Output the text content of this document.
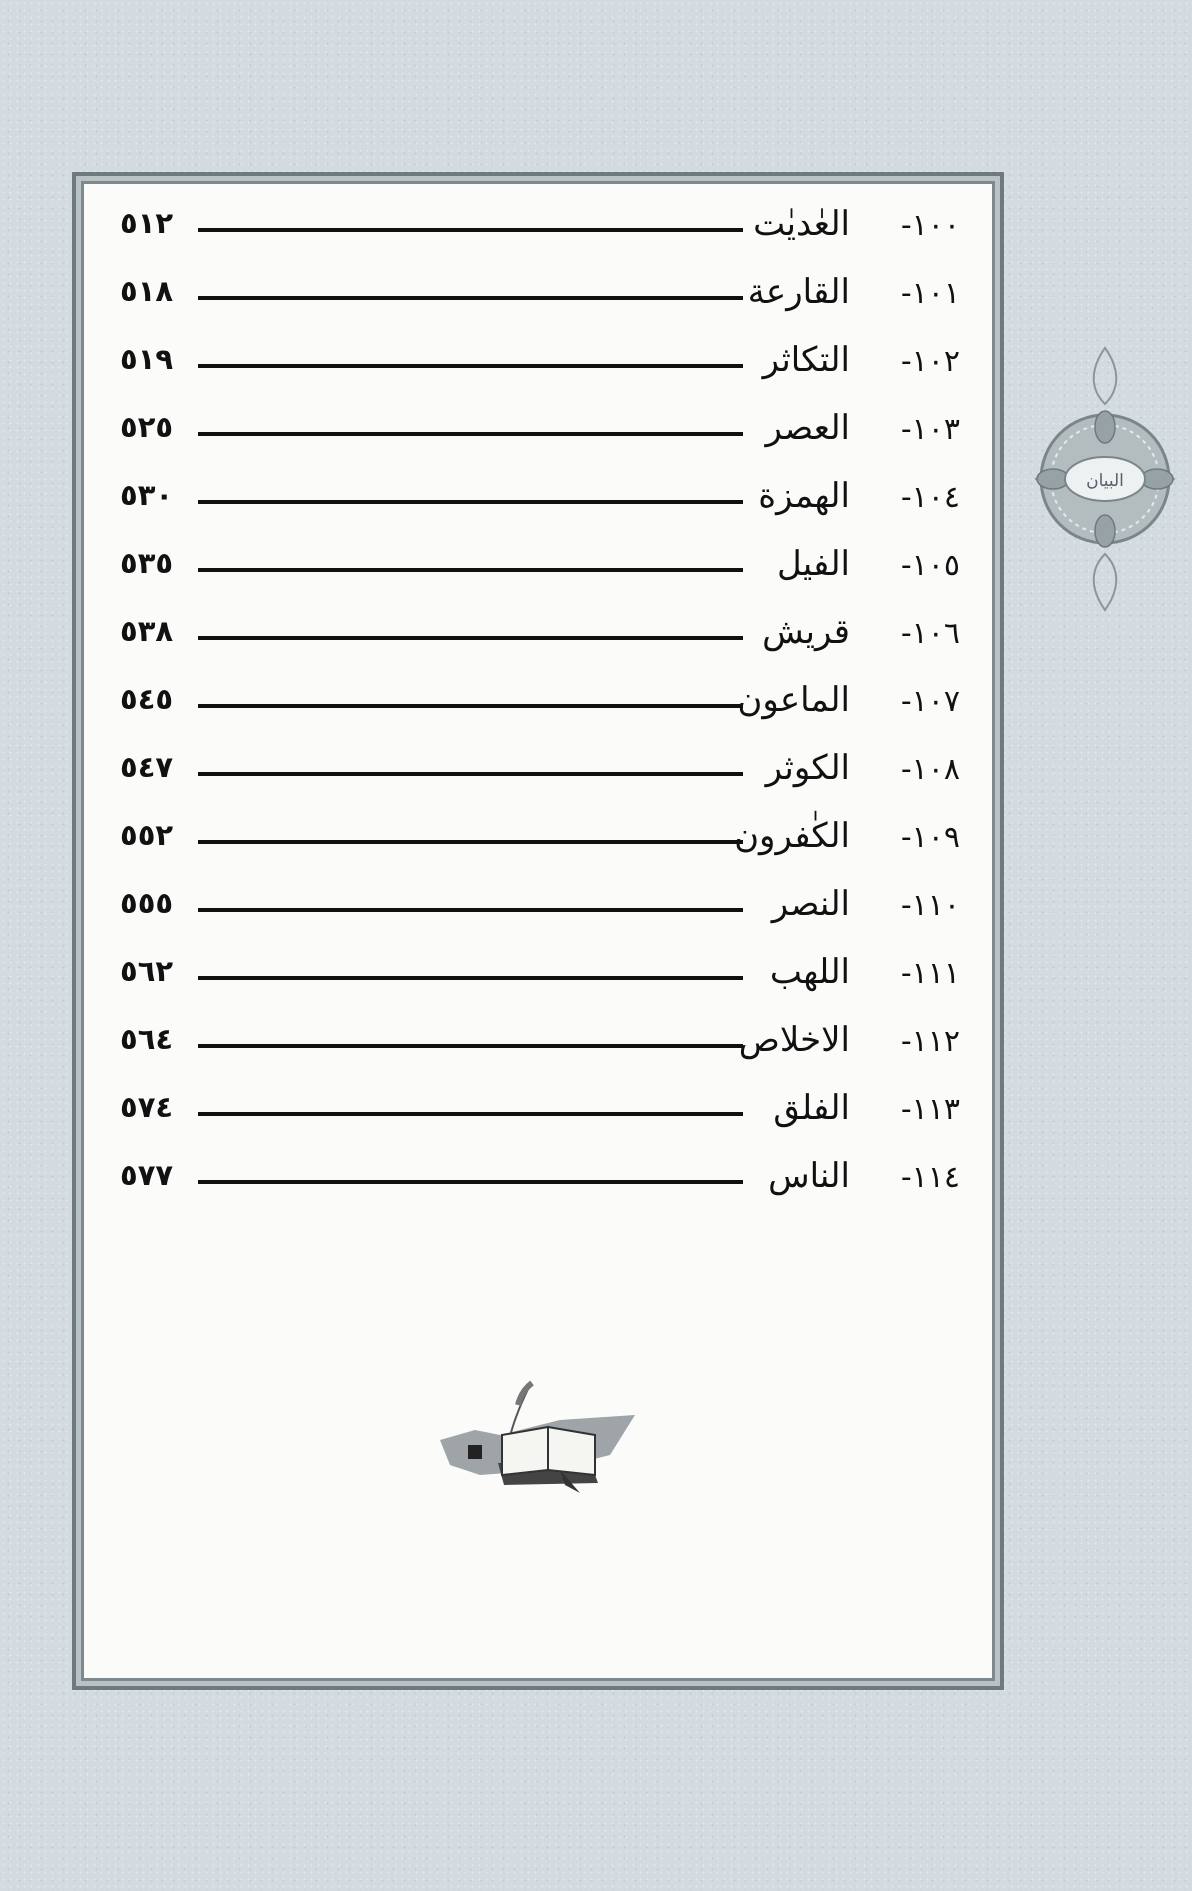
١٠٠-
العٰديٰت
٥١٢
١٠١-
القارعة
٥١٨
١٠٢-
التكاثر
٥١٩
١٠٣-
العصر
٥٢٥
١٠٤-
الهمزة
٥٣٠
١٠٥-
الفيل
٥٣٥
١٠٦-
قريش
٥٣٨
١٠٧-
الماعون
٥٤٥
١٠٨-
الكوثر
٥٤٧
١٠٩-
الكٰفرون
٥٥٢
١١٠-
النصر
٥٥٥
١١١-
اللهب
٥٦٢
١١٢-
الاخلاص
٥٦٤
١١٣-
الفلق
٥٧٤
١١٤-
الناس
٥٧٧
البيان
